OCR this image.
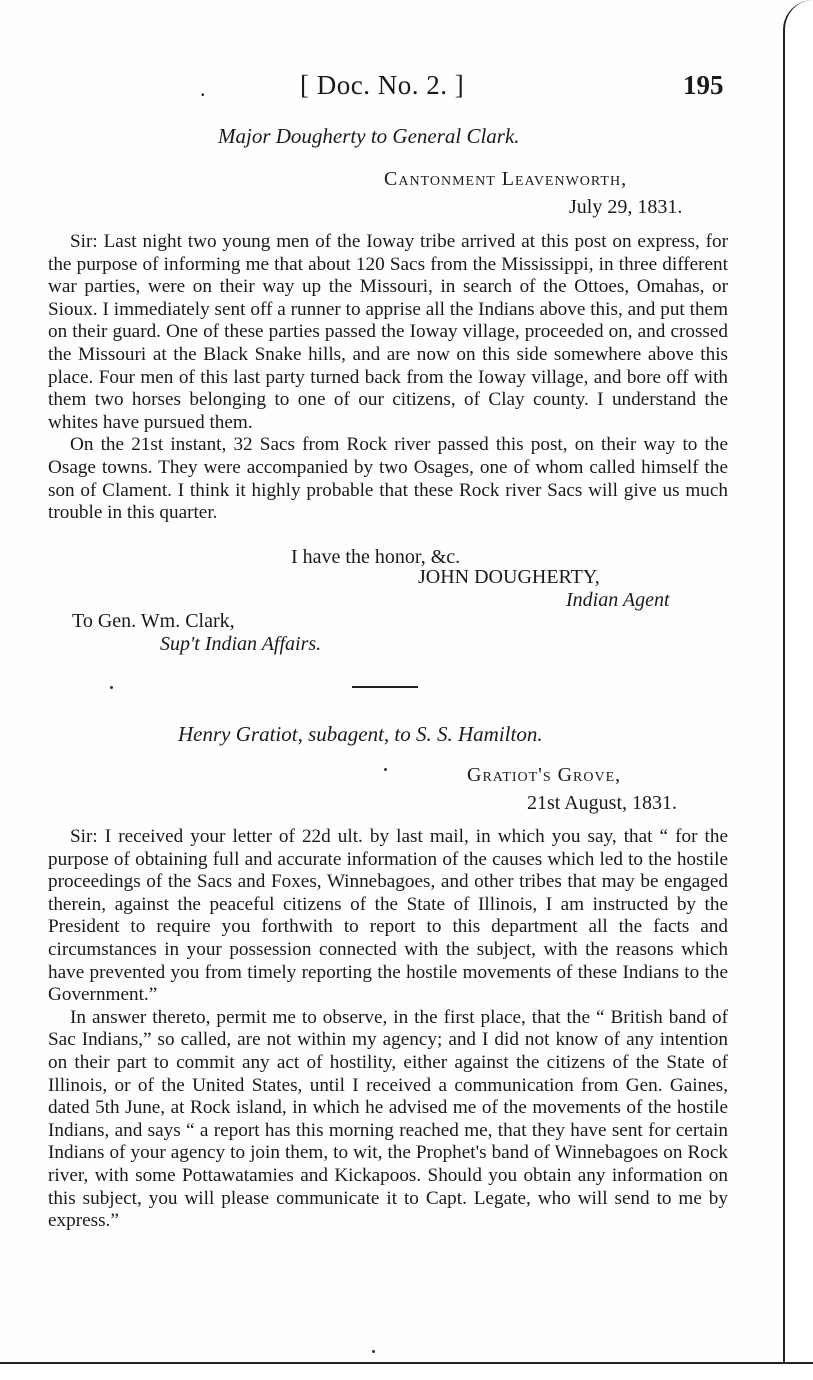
.	[ Doc. No. 2. ]	195
Major Dougherty to General Clark.
Cantonment Leavenworth,
July 29, 1831.

Sir: Last night two young men of the Ioway tribe arrived at this post on express, for the purpose of informing me that about 120 Sacs from the Mississippi, in three different war parties, were on their way up the Missouri, in search of the Ottoes, Omahas, or Sioux. I immediately sent off a runner to apprise all the Indians above this, and put them on their guard. One of these parties passed the Ioway village, proceeded on, and crossed the Missouri at the Black Snake hills, and are now on this side somewhere above this place. Four men of this last party turned back from the Ioway village, and bore off with them two horses belonging to one of our citizens, of Clay county. I understand the whites have pursued them.

On the 21st instant, 32 Sacs from Rock river passed this post, on their way to the Osage towns. They were accompanied by two Osages, one of whom called himself the son of Clament. I think it highly probable that these Rock river Sacs will give us much trouble in this quarter.

I have the honor, &c.
JOHN DOUGHERTY,
Indian Agent
To Gen. Wm. Clark,
Sup't Indian Affairs.
Henry Gratiot, subagent, to S. S. Hamilton.
Gratiot's Grove,
21st August, 1831.

Sir: I received your letter of 22d ult. by last mail, in which you say, that “ for the purpose of obtaining full and accurate information of the causes which led to the hostile proceedings of the Sacs and Foxes, Winnebagoes, and other tribes that may be engaged therein, against the peaceful citizens of the State of Illinois, I am instructed by the President to require you forthwith to report to this department all the facts and circumstances in your possession connected with the subject, with the reasons which have prevented you from timely reporting the hostile movements of these Indians to the Government.”

In answer thereto, permit me to observe, in the first place, that the “ British band of Sac Indians,” so called, are not within my agency; and I did not know of any intention on their part to commit any act of hostility, either against the citizens of the State of Illinois, or of the United States, until I received a communication from Gen. Gaines, dated 5th June, at Rock island, in which he advised me of the movements of the hostile Indians, and says “ a report has this morning reached me, that they have sent for certain Indians of your agency to join them, to wit, the Prophet's band of Winnebagoes on Rock river, with some Pottawatamies and Kickapoos. Should you obtain any information on this subject, you will please communicate it to Capt. Legate, who will send to me by express.”
